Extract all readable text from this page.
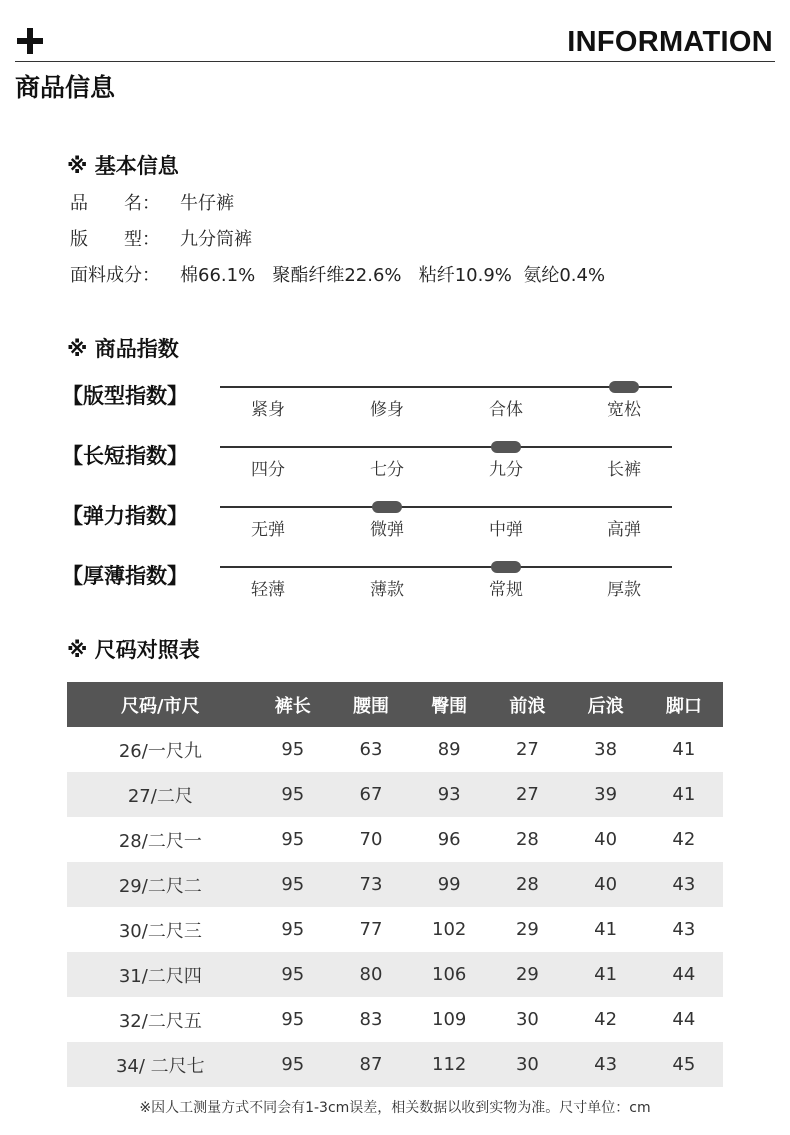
INFORMATION
商品信息
※ 基本信息
品　　名： 牛仔裤
版　　型： 九分筒裤
面料成分： 棉66.1%   聚酯纤维22.6%   粘纤10.9%  氨纶0.4%
※ 商品指数
【版型指数】
紧身	修身	合体	宽松
【长短指数】
四分	七分	九分	长裤
【弹力指数】
无弹	微弹	中弹	高弹
【厚薄指数】
轻薄	薄款	常规	厚款
※ 尺码对照表
尺码/市尺	裤长	腰围	臀围	前浪	后浪	脚口
26/一尺九	95	63	89	27	38	41
27/二尺	95	67	93	27	39	41
28/二尺一	95	70	96	28	40	42
29/二尺二	95	73	99	28	40	43
30/二尺三	95	77	102	29	41	43
31/二尺四	95	80	106	29	41	44
32/二尺五	95	83	109	30	42	44
34/ 二尺七	95	87	112	30	43	45
※因人工测量方式不同会有1-3cm误差，相关数据以收到实物为准。尺寸单位：cm
